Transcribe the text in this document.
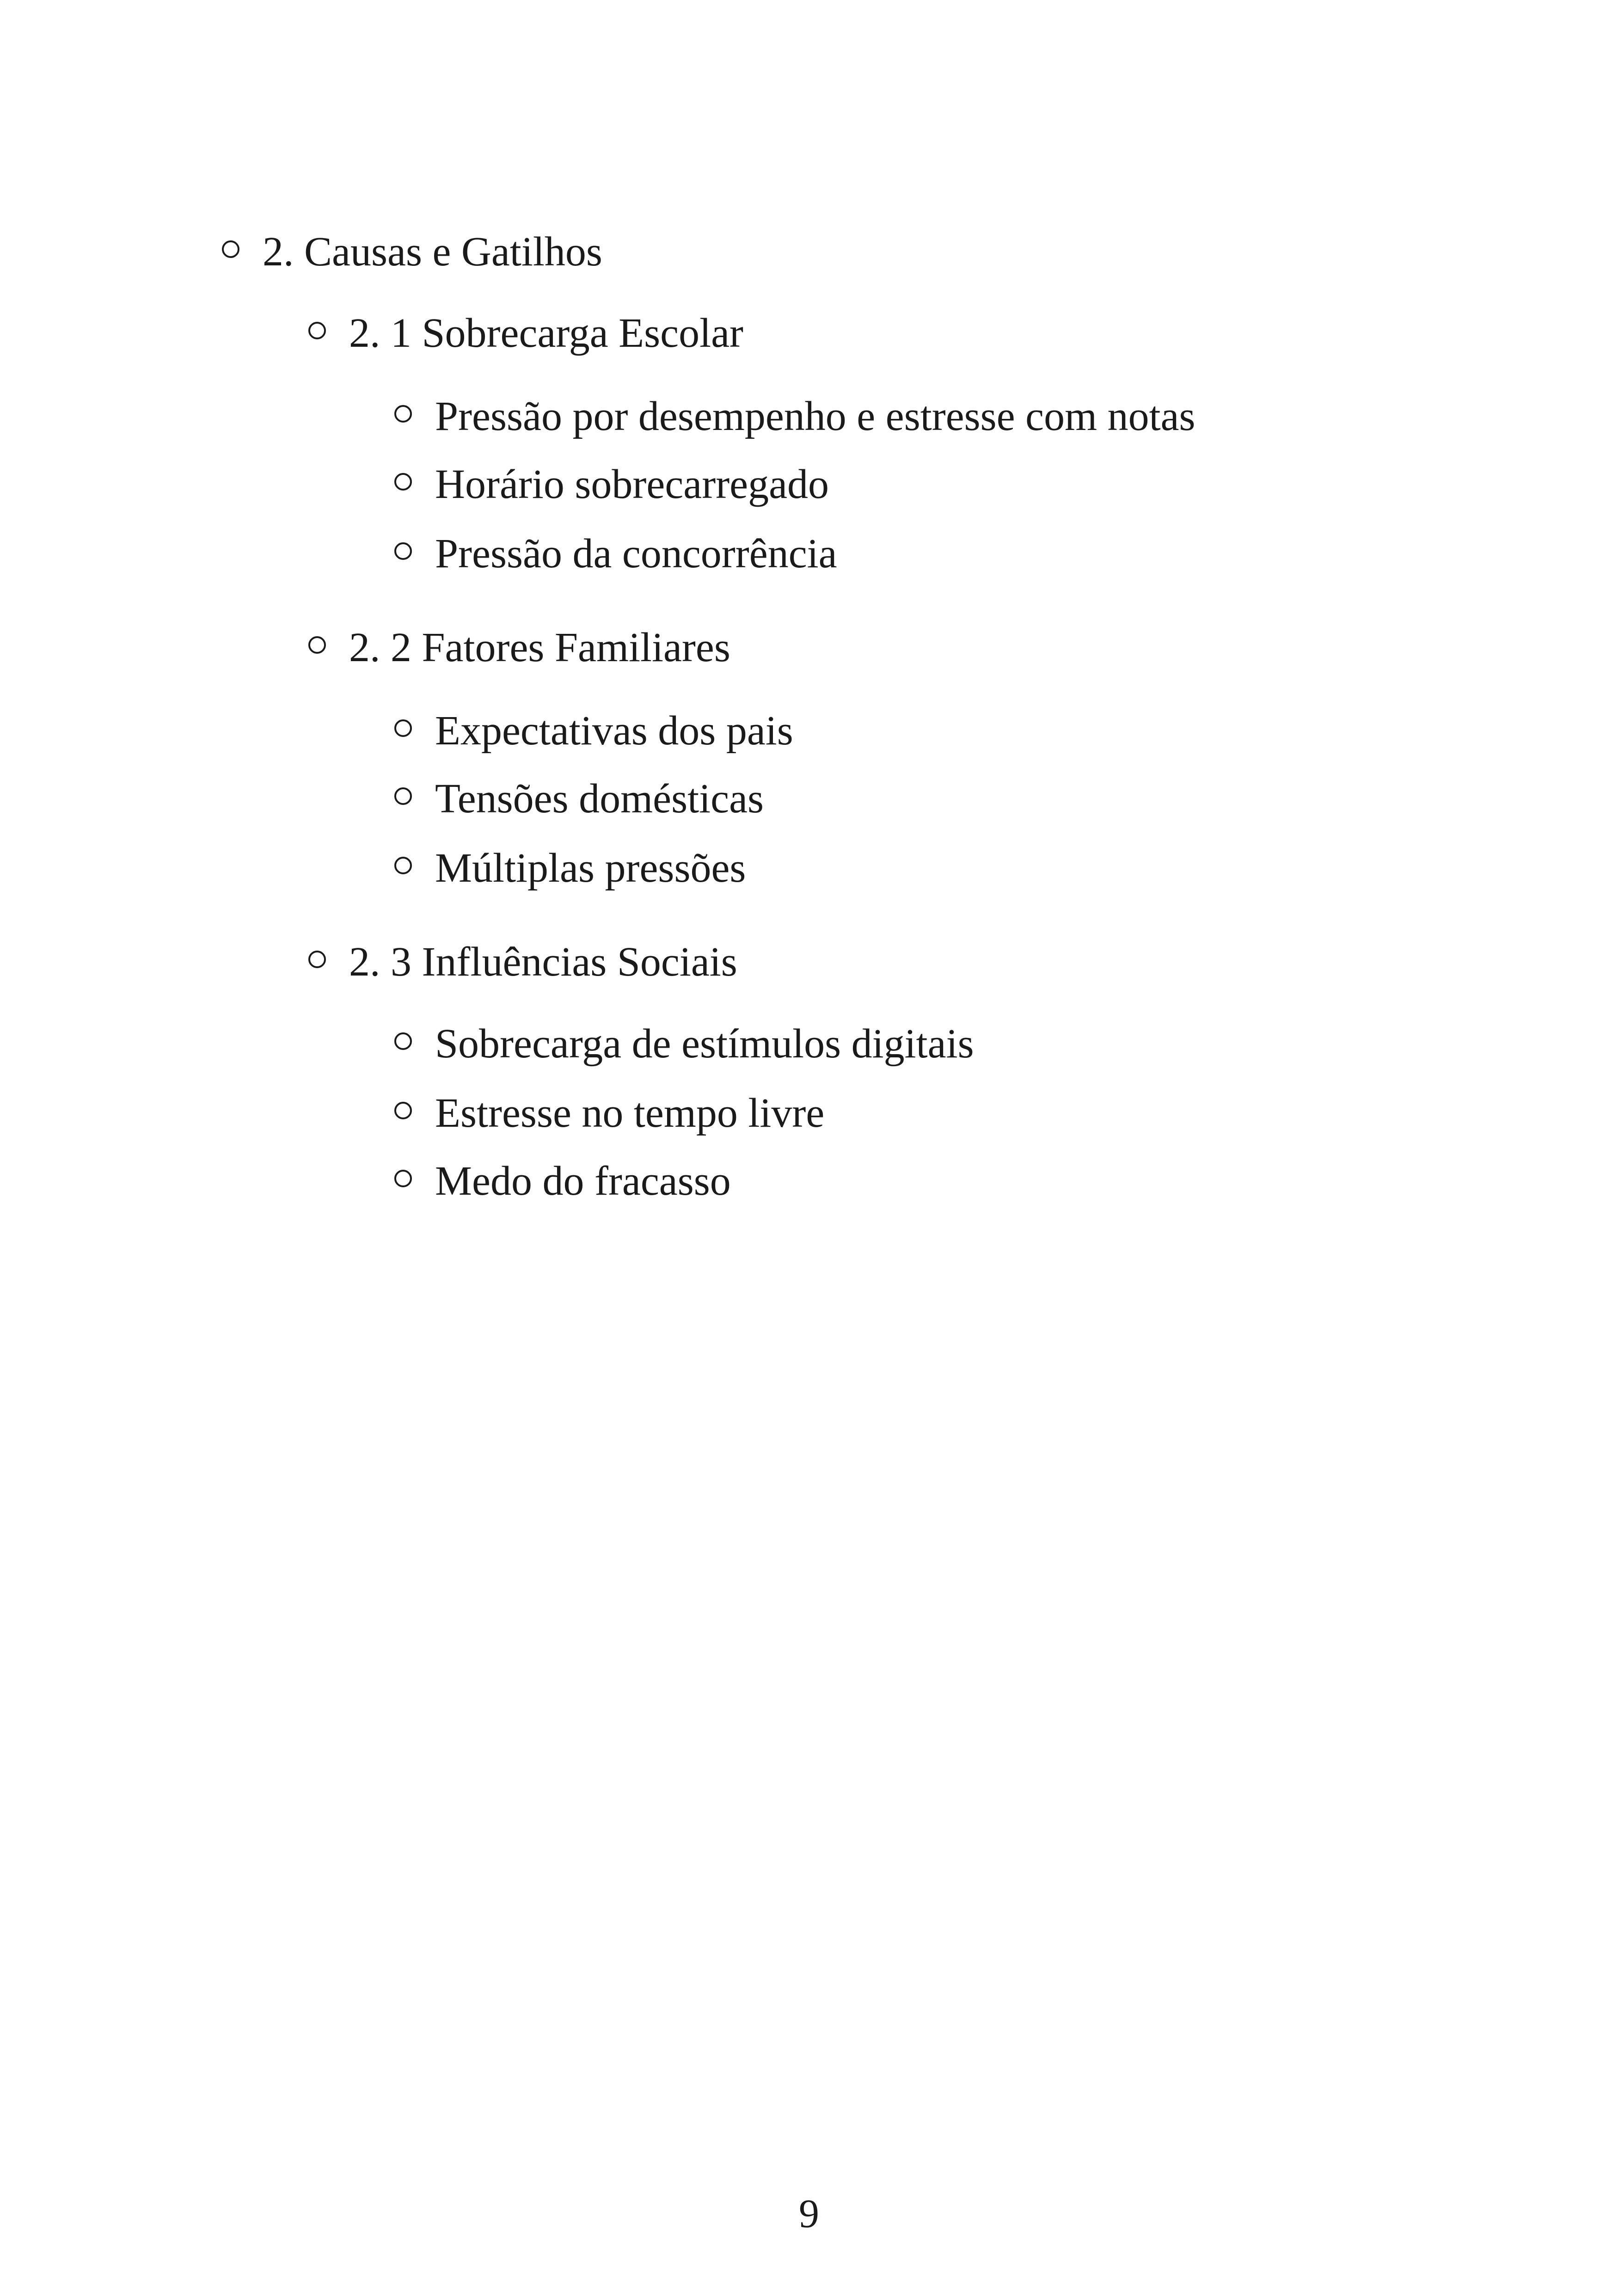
2. Causas e Gatilhos
2. 1 Sobrecarga Escolar
Pressão por desempenho e estresse com notas
Horário sobrecarregado
Pressão da concorrência
2. 2 Fatores Familiares
Expectativas dos pais
Tensões domésticas
Múltiplas pressões
2. 3 Influências Sociais
Sobrecarga de estímulos digitais
Estresse no tempo livre
Medo do fracasso
9
